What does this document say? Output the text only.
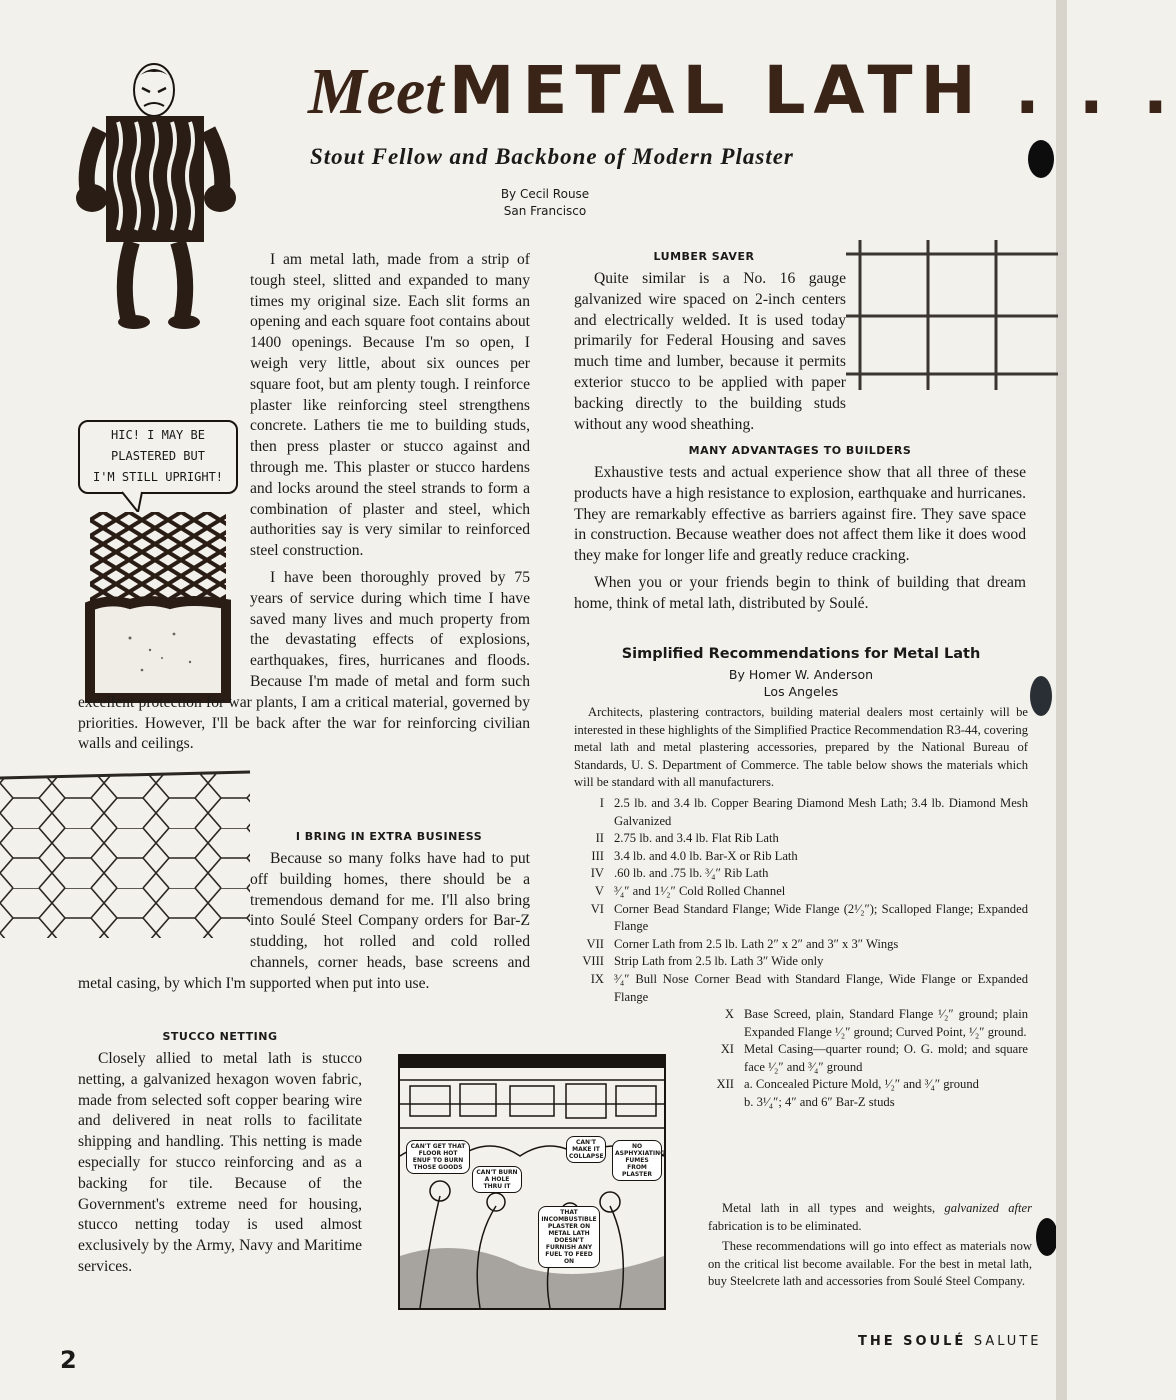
Meet METAL LATH . . .
Stout Fellow and Backbone of Modern Plaster
By Cecil Rouse
San Francisco
HIC! I MAY BE
PLASTERED BUT
I'M STILL UPRIGHT!

I am metal lath, made from a strip of tough steel, slitted and expanded to many times my original size. Each slit forms an opening and each square foot contains about 1400 openings. Because I'm so open, I weigh very little, about six ounces per square foot, but am plenty tough. I reinforce plaster like reinforcing steel strengthens concrete. Lathers tie me to building studs, then press plaster or stucco against and through me. This plaster or stucco hardens and locks around the steel strands to form a combination of plaster and steel, which authorities say is very similar to reinforced steel construction.

I have been thoroughly proved by 75 years of service during which time I have saved many lives and much property from the devastating effects of explosions, earthquakes, fires, hurricanes and floods. Because I'm made of metal and form such excellent protection for war plants, I am a critical material, governed by priorities. However, I'll be back after the war for reinforcing civilian walls and ceilings.

I BRING IN EXTRA BUSINESS

Because so many folks have had to put off building homes, there should be a tremendous demand for me. I'll also bring into Soulé Steel Company orders for Bar-Z studding, hot rolled and cold rolled channels, corner heads, base screens and metal casing, by which I'm supported when put into use.

STUCCO NETTING

Closely allied to metal lath is stucco netting, a galvanized hexagon woven fabric, made from selected soft copper bearing wire and delivered in neat rolls to facilitate shipping and handling. This netting is made especially for stucco reinforcing and as a backing for tile. Because of the Government's extreme need for housing, stucco netting today is used almost exclusively by the Army, Navy and Maritime services.

CAN'T GET THAT FLOOR HOT ENUF TO BURN THOSE GOODS
CAN'T BURN A HOLE THRU IT
CAN'T MAKE IT COLLAPSE
NO ASPHYXIATING FUMES FROM PLASTER
THAT INCOMBUSTIBLE PLASTER ON METAL LATH DOESN'T FURNISH ANY FUEL TO FEED ON
LUMBER SAVER

Quite similar is a No. 16 gauge galvanized wire spaced on 2-inch centers and electrically welded. It is used today primarily for Federal Housing and saves much time and lumber, because it permits exterior stucco to be applied with paper backing directly to the building studs without any wood sheathing.

MANY ADVANTAGES TO BUILDERS

Exhaustive tests and actual experience show that all three of these products have a high resistance to explosion, earthquake and hurricanes. They are remarkably effective as barriers against fire. They save space in construction. Because weather does not affect them like it does wood they make for longer life and greatly reduce cracking.

When you or your friends begin to think of building that dream home, think of metal lath, distributed by Soulé.

Simplified Recommendations for Metal Lath
By Homer W. Anderson
Los Angeles

Architects, plastering contractors, building material dealers most certainly will be interested in these highlights of the Simplified Practice Recommendation R3-44, covering metal lath and metal plastering accessories, prepared by the National Bureau of Standards, U. S. Department of Commerce. The table below shows the materials which will be standard with all manufacturers.

I 2.5 lb. and 3.4 lb. Copper Bearing Diamond Mesh Lath; 3.4 lb. Diamond Mesh Galvanized
II 2.75 lb. and 3.4 lb. Flat Rib Lath
III 3.4 lb. and 4.0 lb. Bar-X or Rib Lath
IV .60 lb. and .75 lb. ³⁄₄″ Rib Lath
V ³⁄₄″ and 1¹⁄₂″ Cold Rolled Channel
VI Corner Bead Standard Flange; Wide Flange (2¹⁄₂″); Scalloped Flange; Expanded Flange
VII Corner Lath from 2.5 lb. Lath 2″ x 2″ and 3″ x 3″ Wings
VIII Strip Lath from 2.5 lb. Lath 3″ Wide only
IX ³⁄₄″ Bull Nose Corner Bead with Standard Flange, Wide Flange or Expanded Flange
X Base Screed, plain, Standard Flange ¹⁄₂″ ground; plain Expanded Flange ¹⁄₂″ ground; Curved Point, ¹⁄₂″ ground.
XI Metal Casing—quarter round; O. G. mold; and square face ¹⁄₂″ and ³⁄₄″ ground
XII a. Concealed Picture Mold, ¹⁄₂″ and ³⁄₄″ ground
b. 3¹⁄₄″; 4″ and 6″ Bar-Z studs

Metal lath in all types and weights, galvanized after fabrication is to be eliminated.

These recommendations will go into effect as materials now on the critical list become available. For the best in metal lath, buy Steelcrete lath and accessories from Soulé Steel Company.

2
THE SOULÉ SALUTE
